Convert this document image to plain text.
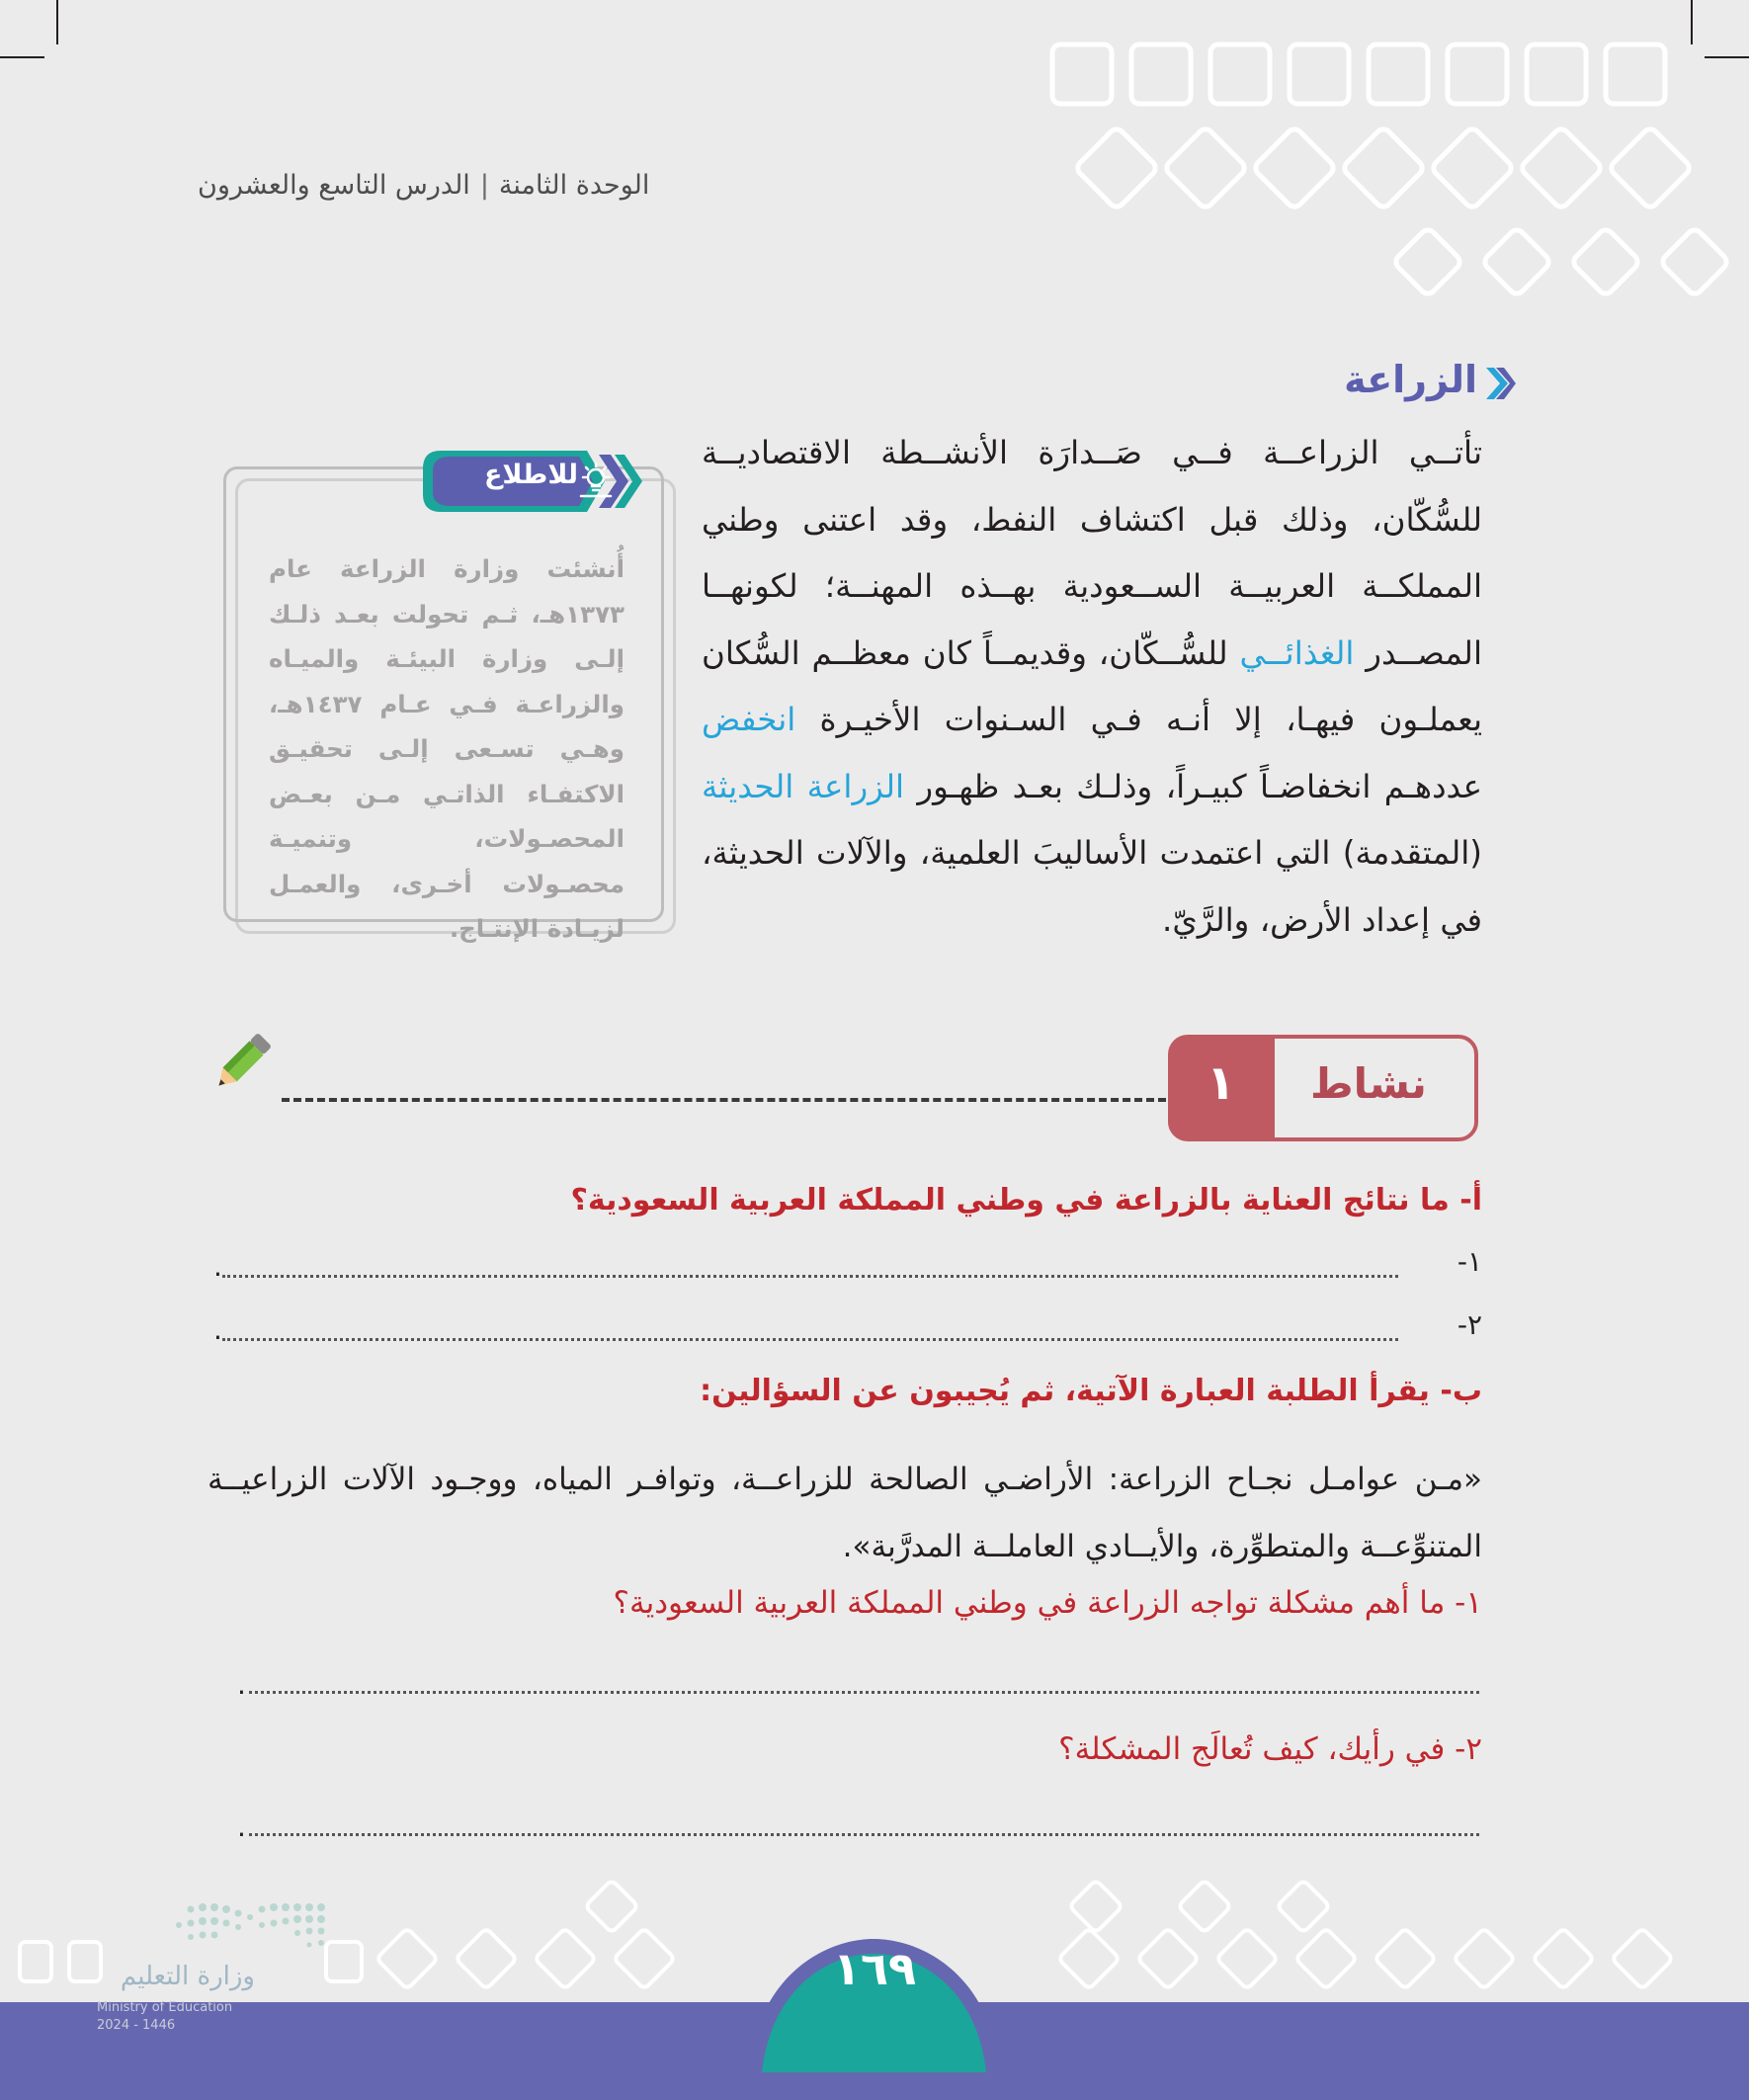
الوحدة الثامنة|الدرس التاسع والعشرون
الزراعة
تأتــي الزراعــة فــي صَــدارَة الأنشــطة الاقتصاديــة للسُّكّان، وذلك قبل اكتشاف النفط، وقد اعتنى وطني المملكــة العربيــة الســعودية بهــذه المهنــة؛ لكونهــا المصــدر الغذائــي للسُّــكّان، وقديمــاً كان معظــم السُّكان يعملـون فيهـا، إلا أنـه فـي السـنوات الأخيـرة انخفض عددهـم انخفاضـاً كبيـراً، وذلـك بعـد ظهـور الزراعة الحديثة (المتقدمة) التي اعتمدت الأساليبَ العلمية، والآلات الحديثة، في إعداد الأرض، والرَّيّ.
للاطلاع
أُنشئت وزارة الزراعة عام ١٣٧٣هـ، ثـم تحولت بعـد ذلـك إلـى وزارة البيئـة والميـاه والزراعـة فـي عـام ١٤٣٧هـ، وهـي تسـعى إلـى تحقيـق الاكتفـاء الذاتـي مـن بعـض المحصـولات، وتنميـة محصـولات أخـرى، والعمـل لزيـادة الإنتـاج.
نشاط
١
أ- ما نتائج العناية بالزراعة في وطني المملكة العربية السعودية؟
١-
.
٢-
.
ب- يقرأ الطلبة العبارة الآتية، ثم يُجيبون عن السؤالين:
«مـن عوامـل نجـاح الزراعة: الأراضـي الصالحة للزراعــة، وتوافـر المياه، ووجـود الآلات الزراعيــة المتنوِّعــة والمتطوِّرة، والأيــادي العاملــة المدرَّبة».
١- ما أهم مشكلة تواجه الزراعة في وطني المملكة العربية السعودية؟
.
٢- في رأيك، كيف تُعالَج المشكلة؟
.
١٦٩
وزارة التعليم
Ministry of Education
2024 - 1446
